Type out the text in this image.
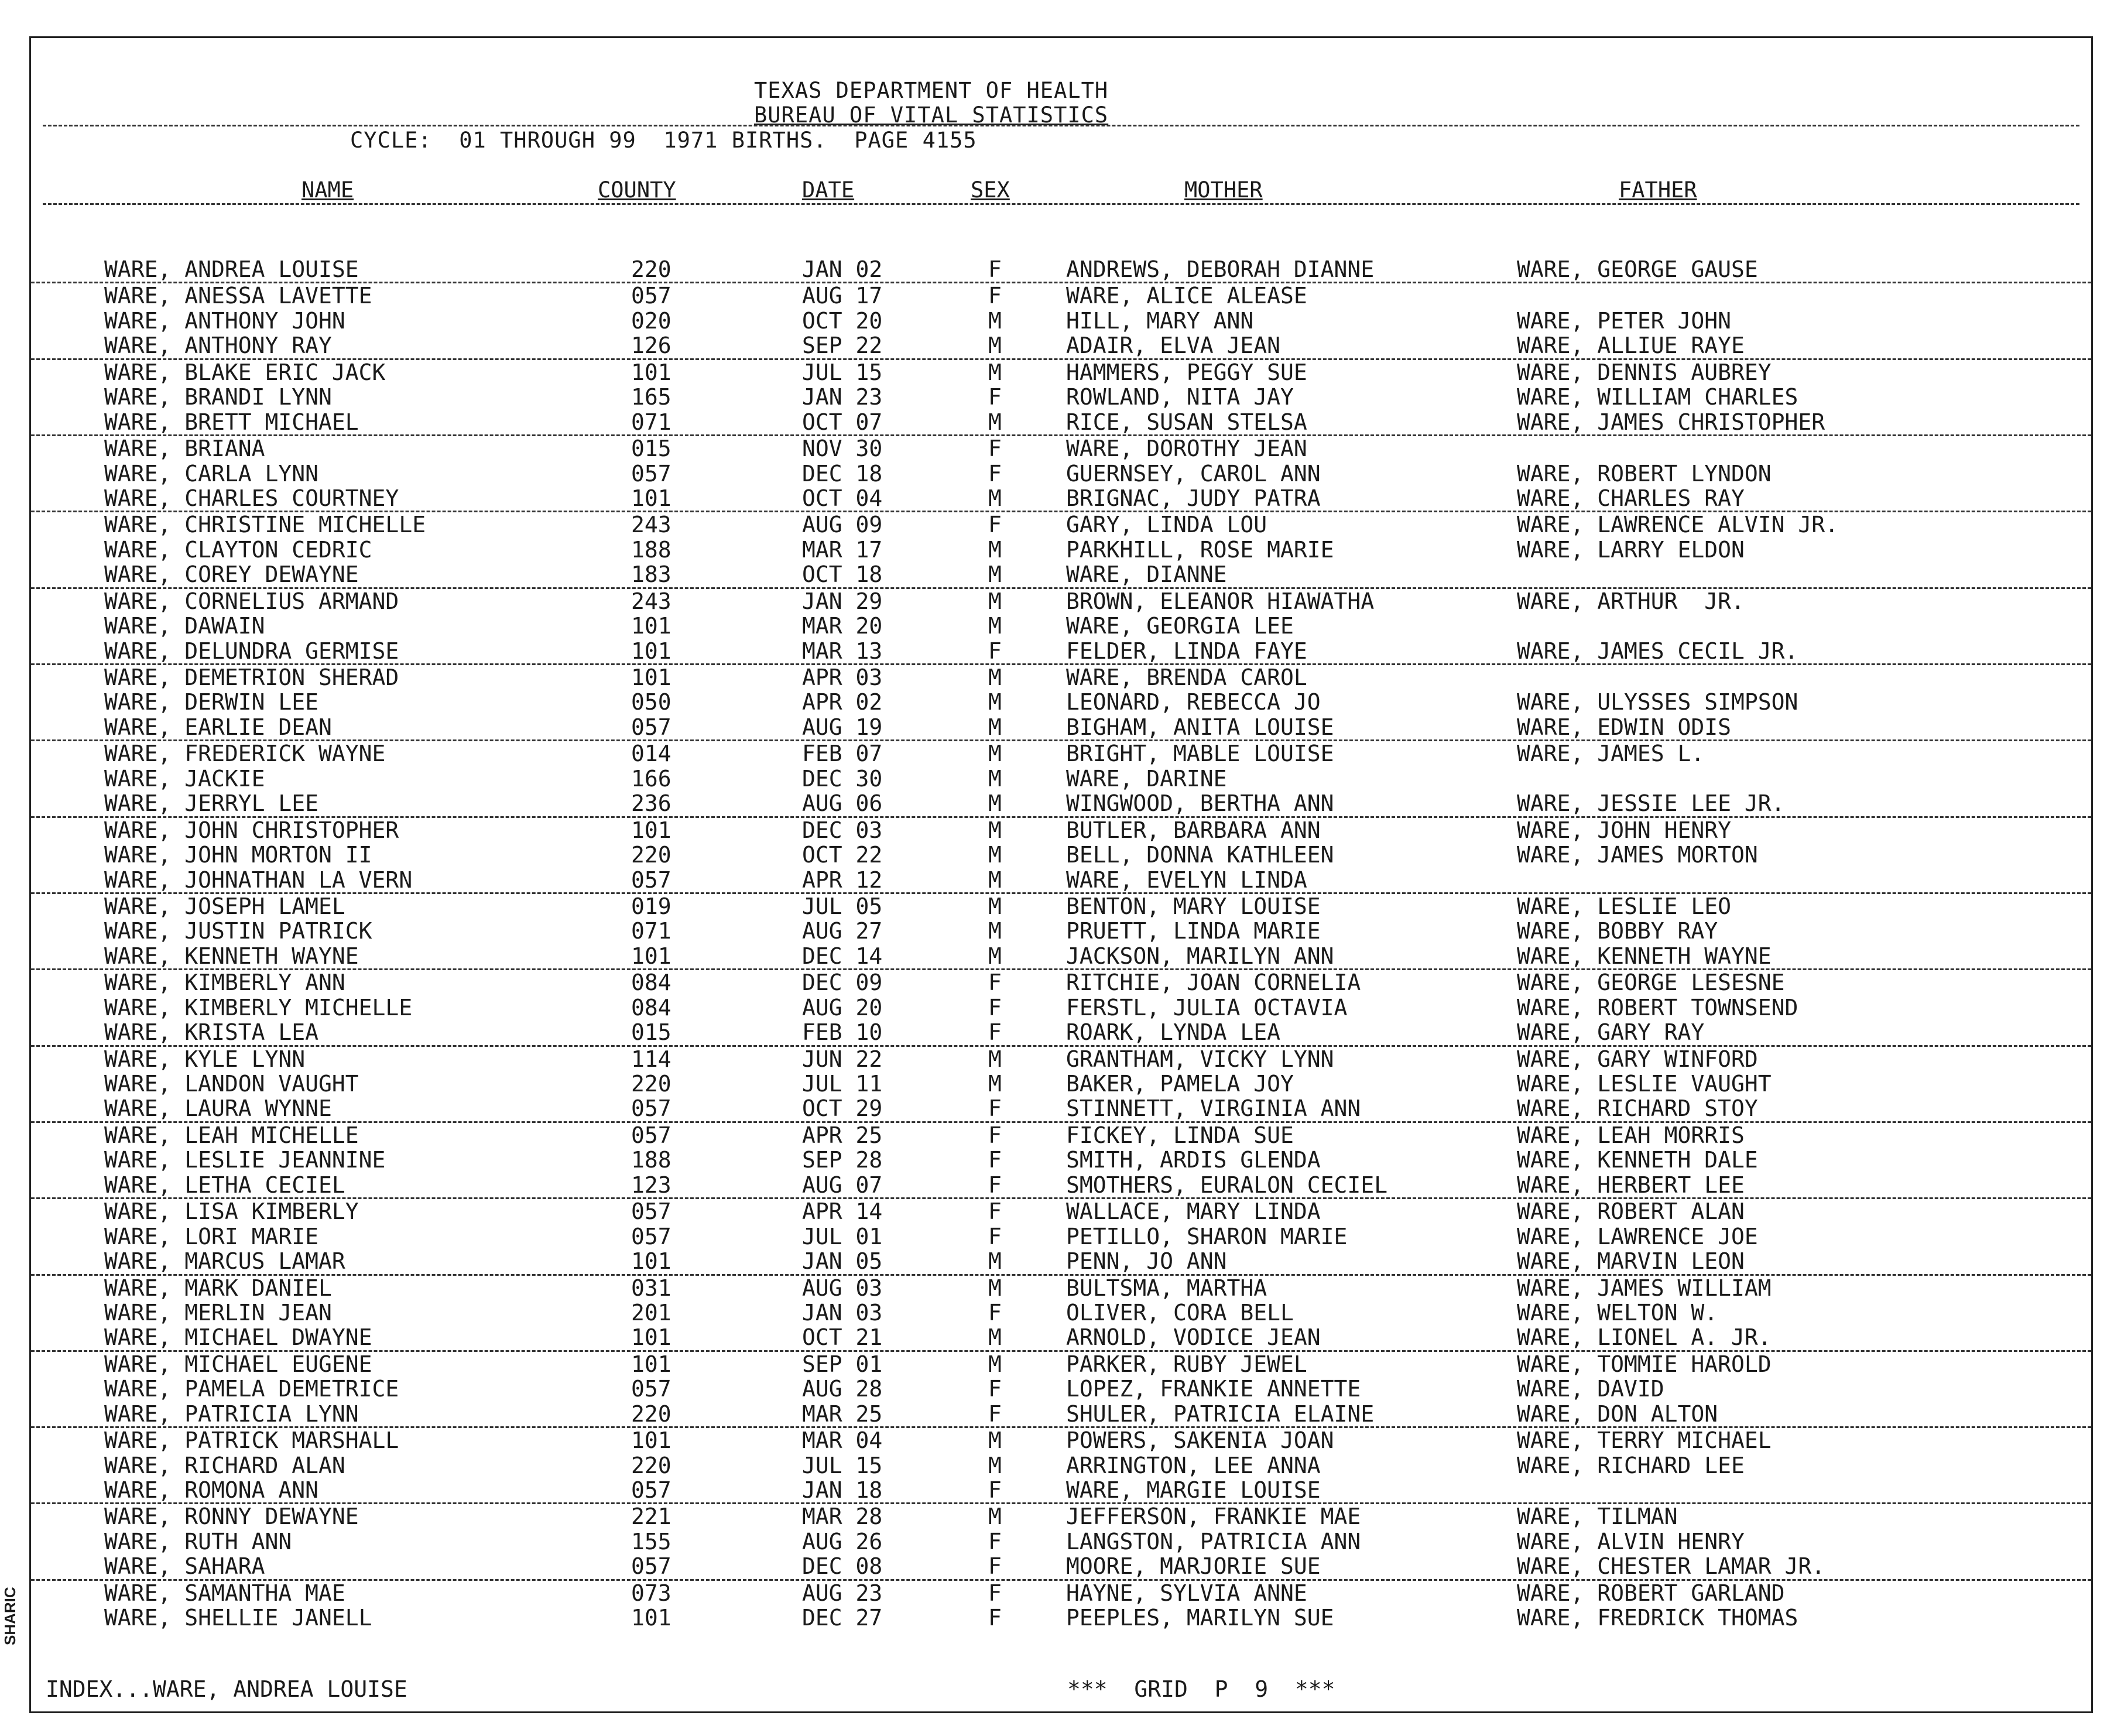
TEXAS DEPARTMENT OF HEALTH
BUREAU OF VITAL STATISTICS
CYCLE:  01 THROUGH 99  1971 BIRTHS.  PAGE 4155
NAME	COUNTY	DATE	SEX	MOTHER	FATHER
WARE, ANDREA LOUISE	220	JAN 02	F	ANDREWS, DEBORAH DIANNE	WARE, GEORGE GAUSE
WARE, ANESSA LAVETTE	057	AUG 17	F	WARE, ALICE ALEASE
WARE, ANTHONY JOHN	020	OCT 20	M	HILL, MARY ANN	WARE, PETER JOHN
WARE, ANTHONY RAY	126	SEP 22	M	ADAIR, ELVA JEAN	WARE, ALLIUE RAYE
WARE, BLAKE ERIC JACK	101	JUL 15	M	HAMMERS, PEGGY SUE	WARE, DENNIS AUBREY
WARE, BRANDI LYNN	165	JAN 23	F	ROWLAND, NITA JAY	WARE, WILLIAM CHARLES
WARE, BRETT MICHAEL	071	OCT 07	M	RICE, SUSAN STELSA	WARE, JAMES CHRISTOPHER
WARE, BRIANA	015	NOV 30	F	WARE, DOROTHY JEAN
WARE, CARLA LYNN	057	DEC 18	F	GUERNSEY, CAROL ANN	WARE, ROBERT LYNDON
WARE, CHARLES COURTNEY	101	OCT 04	M	BRIGNAC, JUDY PATRA	WARE, CHARLES RAY
WARE, CHRISTINE MICHELLE	243	AUG 09	F	GARY, LINDA LOU	WARE, LAWRENCE ALVIN JR.
WARE, CLAYTON CEDRIC	188	MAR 17	M	PARKHILL, ROSE MARIE	WARE, LARRY ELDON
WARE, COREY DEWAYNE	183	OCT 18	M	WARE, DIANNE
WARE, CORNELIUS ARMAND	243	JAN 29	M	BROWN, ELEANOR HIAWATHA	WARE, ARTHUR  JR.
WARE, DAWAIN	101	MAR 20	M	WARE, GEORGIA LEE
WARE, DELUNDRA GERMISE	101	MAR 13	F	FELDER, LINDA FAYE	WARE, JAMES CECIL JR.
WARE, DEMETRION SHERAD	101	APR 03	M	WARE, BRENDA CAROL
WARE, DERWIN LEE	050	APR 02	M	LEONARD, REBECCA JO	WARE, ULYSSES SIMPSON
WARE, EARLIE DEAN	057	AUG 19	M	BIGHAM, ANITA LOUISE	WARE, EDWIN ODIS
WARE, FREDERICK WAYNE	014	FEB 07	M	BRIGHT, MABLE LOUISE	WARE, JAMES L.
WARE, JACKIE	166	DEC 30	M	WARE, DARINE
WARE, JERRYL LEE	236	AUG 06	M	WINGWOOD, BERTHA ANN	WARE, JESSIE LEE JR.
WARE, JOHN CHRISTOPHER	101	DEC 03	M	BUTLER, BARBARA ANN	WARE, JOHN HENRY
WARE, JOHN MORTON II	220	OCT 22	M	BELL, DONNA KATHLEEN	WARE, JAMES MORTON
WARE, JOHNATHAN LA VERN	057	APR 12	M	WARE, EVELYN LINDA
WARE, JOSEPH LAMEL	019	JUL 05	M	BENTON, MARY LOUISE	WARE, LESLIE LEO
WARE, JUSTIN PATRICK	071	AUG 27	M	PRUETT, LINDA MARIE	WARE, BOBBY RAY
WARE, KENNETH WAYNE	101	DEC 14	M	JACKSON, MARILYN ANN	WARE, KENNETH WAYNE
WARE, KIMBERLY ANN	084	DEC 09	F	RITCHIE, JOAN CORNELIA	WARE, GEORGE LESESNE
WARE, KIMBERLY MICHELLE	084	AUG 20	F	FERSTL, JULIA OCTAVIA	WARE, ROBERT TOWNSEND
WARE, KRISTA LEA	015	FEB 10	F	ROARK, LYNDA LEA	WARE, GARY RAY
WARE, KYLE LYNN	114	JUN 22	M	GRANTHAM, VICKY LYNN	WARE, GARY WINFORD
WARE, LANDON VAUGHT	220	JUL 11	M	BAKER, PAMELA JOY	WARE, LESLIE VAUGHT
WARE, LAURA WYNNE	057	OCT 29	F	STINNETT, VIRGINIA ANN	WARE, RICHARD STOY
WARE, LEAH MICHELLE	057	APR 25	F	FICKEY, LINDA SUE	WARE, LEAH MORRIS
WARE, LESLIE JEANNINE	188	SEP 28	F	SMITH, ARDIS GLENDA	WARE, KENNETH DALE
WARE, LETHA CECIEL	123	AUG 07	F	SMOTHERS, EURALON CECIEL	WARE, HERBERT LEE
WARE, LISA KIMBERLY	057	APR 14	F	WALLACE, MARY LINDA	WARE, ROBERT ALAN
WARE, LORI MARIE	057	JUL 01	F	PETILLO, SHARON MARIE	WARE, LAWRENCE JOE
WARE, MARCUS LAMAR	101	JAN 05	M	PENN, JO ANN	WARE, MARVIN LEON
WARE, MARK DANIEL	031	AUG 03	M	BULTSMA, MARTHA	WARE, JAMES WILLIAM
WARE, MERLIN JEAN	201	JAN 03	F	OLIVER, CORA BELL	WARE, WELTON W.
WARE, MICHAEL DWAYNE	101	OCT 21	M	ARNOLD, VODICE JEAN	WARE, LIONEL A. JR.
WARE, MICHAEL EUGENE	101	SEP 01	M	PARKER, RUBY JEWEL	WARE, TOMMIE HAROLD
WARE, PAMELA DEMETRICE	057	AUG 28	F	LOPEZ, FRANKIE ANNETTE	WARE, DAVID
WARE, PATRICIA LYNN	220	MAR 25	F	SHULER, PATRICIA ELAINE	WARE, DON ALTON
WARE, PATRICK MARSHALL	101	MAR 04	M	POWERS, SAKENIA JOAN	WARE, TERRY MICHAEL
WARE, RICHARD ALAN	220	JUL 15	M	ARRINGTON, LEE ANNA	WARE, RICHARD LEE
WARE, ROMONA ANN	057	JAN 18	F	WARE, MARGIE LOUISE
WARE, RONNY DEWAYNE	221	MAR 28	M	JEFFERSON, FRANKIE MAE	WARE, TILMAN
WARE, RUTH ANN	155	AUG 26	F	LANGSTON, PATRICIA ANN	WARE, ALVIN HENRY
WARE, SAHARA	057	DEC 08	F	MOORE, MARJORIE SUE	WARE, CHESTER LAMAR JR.
WARE, SAMANTHA MAE	073	AUG 23	F	HAYNE, SYLVIA ANNE	WARE, ROBERT GARLAND
WARE, SHELLIE JANELL	101	DEC 27	F	PEEPLES, MARILYN SUE	WARE, FREDRICK THOMAS
INDEX...WARE, ANDREA LOUISE	***  GRID  P  9  ***
SHARIC
